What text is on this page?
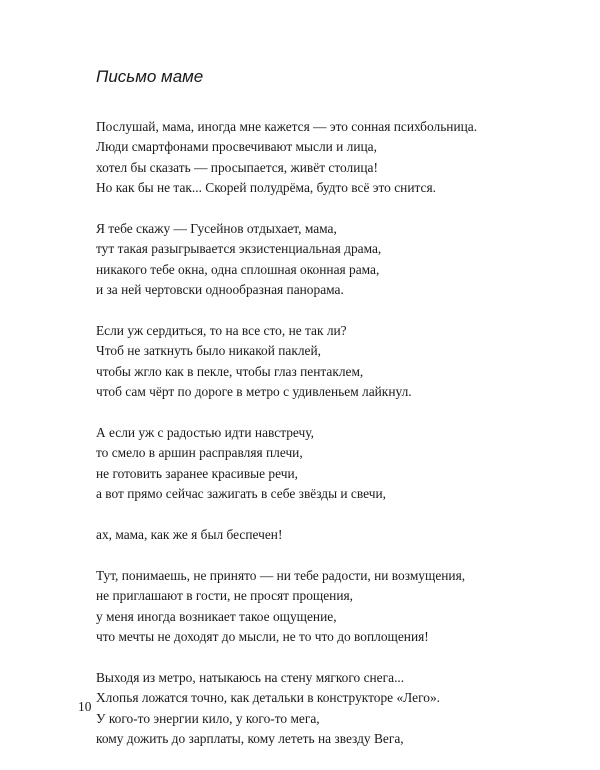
Письмо маме

Послушай, мама, иногда мне кажется — это сонная психбольница.
Люди смартфонами просвечивают мысли и лица,
хотел бы сказать — просыпается, живёт столица!
Но как бы не так... Скорей полудрёма, будто всё это снится.

Я тебе скажу — Гусейнов отдыхает, мама,
тут такая разыгрывается экзистенциальная драма,
никакого тебе окна, одна сплошная оконная рама,
и за ней чертовски однообразная панорама.

Если уж сердиться, то на все сто, не так ли?
Чтоб не заткнуть было никакой паклей,
чтобы жгло как в пекле, чтобы глаз пентаклем,
чтоб сам чёрт по дороге в метро с удивленьем лайкнул.

А если уж с радостью идти навстречу,
то смело в аршин расправляя плечи,
не готовить заранее красивые речи,
а вот прямо сейчас зажигать в себе звёзды и свечи,

ах, мама, как же я был беспечен!

Тут, понимаешь, не принято — ни тебе радости, ни возмущения,
не приглашают в гости, не просят прощения,
у меня иногда возникает такое ощущение,
что мечты не доходят до мысли, не то что до воплощения!

Выходя из метро, натыкаюсь на стену мягкого снега...
Хлопья ложатся точно, как детальки в конструкторе «Лего».
У кого-то энергии кило, у кого-то мега,
кому дожить до зарплаты, кому лететь на звезду Вега,

10
